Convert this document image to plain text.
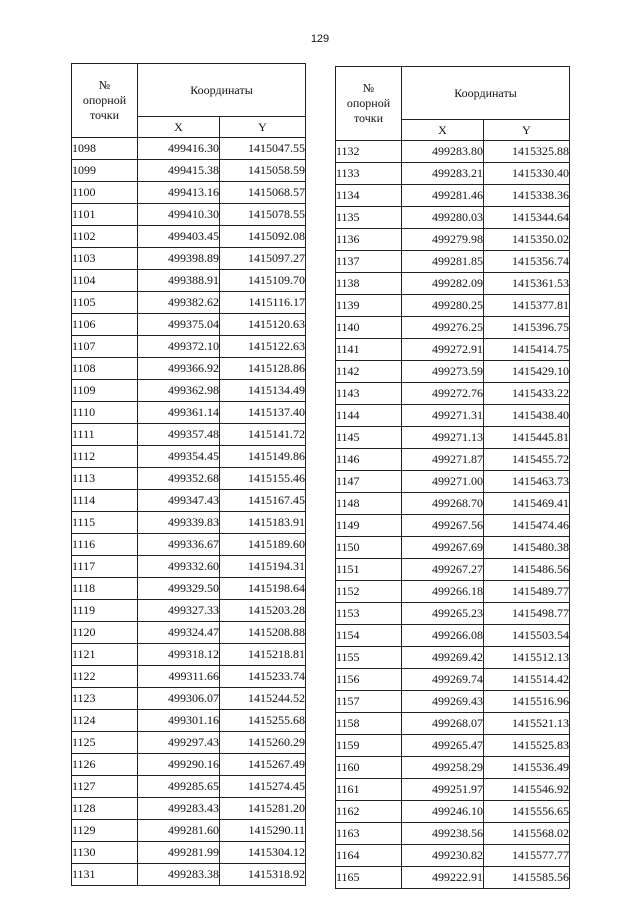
129
№
опорной
точки	Координаты	
	X	Y
1098	499416.30	1415047.55
1099	499415.38	1415058.59
1100	499413.16	1415068.57
1101	499410.30	1415078.55
1102	499403.45	1415092.08
1103	499398.89	1415097.27
1104	499388.91	1415109.70
1105	499382.62	1415116.17
1106	499375.04	1415120.63
1107	499372.10	1415122.63
1108	499366.92	1415128.86
1109	499362.98	1415134.49
1110	499361.14	1415137.40
1111	499357.48	1415141.72
1112	499354.45	1415149.86
1113	499352.68	1415155.46
1114	499347.43	1415167.45
1115	499339.83	1415183.91
1116	499336.67	1415189.60
1117	499332.60	1415194.31
1118	499329.50	1415198.64
1119	499327.33	1415203.28
1120	499324.47	1415208.88
1121	499318.12	1415218.81
1122	499311.66	1415233.74
1123	499306.07	1415244.52
1124	499301.16	1415255.68
1125	499297.43	1415260.29
1126	499290.16	1415267.49
1127	499285.65	1415274.45
1128	499283.43	1415281.20
1129	499281.60	1415290.11
1130	499281.99	1415304.12
1131	499283.38	1415318.92
№
опорной
точки	Координаты	
	X	Y
1132	499283.80	1415325.88
1133	499283.21	1415330.40
1134	499281.46	1415338.36
1135	499280.03	1415344.64
1136	499279.98	1415350.02
1137	499281.85	1415356.74
1138	499282.09	1415361.53
1139	499280.25	1415377.81
1140	499276.25	1415396.75
1141	499272.91	1415414.75
1142	499273.59	1415429.10
1143	499272.76	1415433.22
1144	499271.31	1415438.40
1145	499271.13	1415445.81
1146	499271.87	1415455.72
1147	499271.00	1415463.73
1148	499268.70	1415469.41
1149	499267.56	1415474.46
1150	499267.69	1415480.38
1151	499267.27	1415486.56
1152	499266.18	1415489.77
1153	499265.23	1415498.77
1154	499266.08	1415503.54
1155	499269.42	1415512.13
1156	499269.74	1415514.42
1157	499269.43	1415516.96
1158	499268.07	1415521.13
1159	499265.47	1415525.83
1160	499258.29	1415536.49
1161	499251.97	1415546.92
1162	499246.10	1415556.65
1163	499238.56	1415568.02
1164	499230.82	1415577.77
1165	499222.91	1415585.56
